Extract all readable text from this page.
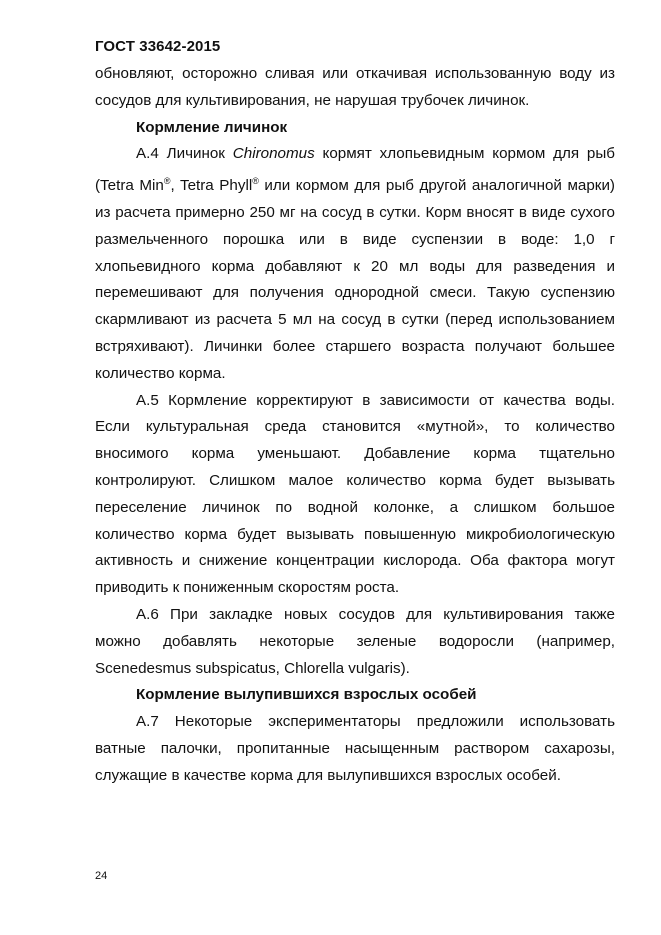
ГОСТ 33642-2015

обновляют, осторожно сливая или откачивая использованную воду из сосудов для культивирования, не нарушая трубочек личинок.

Кормление личинок

А.4 Личинок Chironomus кормят хлопьевидным кормом для рыб (Tetra Min®, Tetra Phyll® или кормом для рыб другой аналогичной марки) из расчета примерно 250 мг на сосуд в сутки. Корм вносят в виде сухого размельченного порошка или в виде суспензии в воде: 1,0 г хлопьевидного корма добавляют к 20 мл воды для разведения и перемешивают для получения однородной смеси. Такую суспензию скармливают из расчета 5 мл на сосуд в сутки (перед использованием встряхивают). Личинки более старшего возраста получают большее количество корма.

А.5 Кормление корректируют в зависимости от качества воды. Если культуральная среда становится «мутной», то количество вносимого корма уменьшают. Добавление корма тщательно контролируют. Слишком малое количество корма будет вызывать переселение личинок по водной колонке, а слишком большое количество корма будет вызывать повышенную микробиологическую активность и снижение концентрации кислорода. Оба фактора могут приводить к пониженным скоростям роста.

А.6 При закладке новых сосудов для культивирования также можно добавлять некоторые зеленые водоросли (например, Scenedesmus subspicatus, Chlorella vulgaris).

Кормление вылупившихся взрослых особей

А.7 Некоторые экспериментаторы предложили использовать ватные палочки, пропитанные насыщенным раствором сахарозы, служащие в качестве корма для вылупившихся взрослых особей.

24
